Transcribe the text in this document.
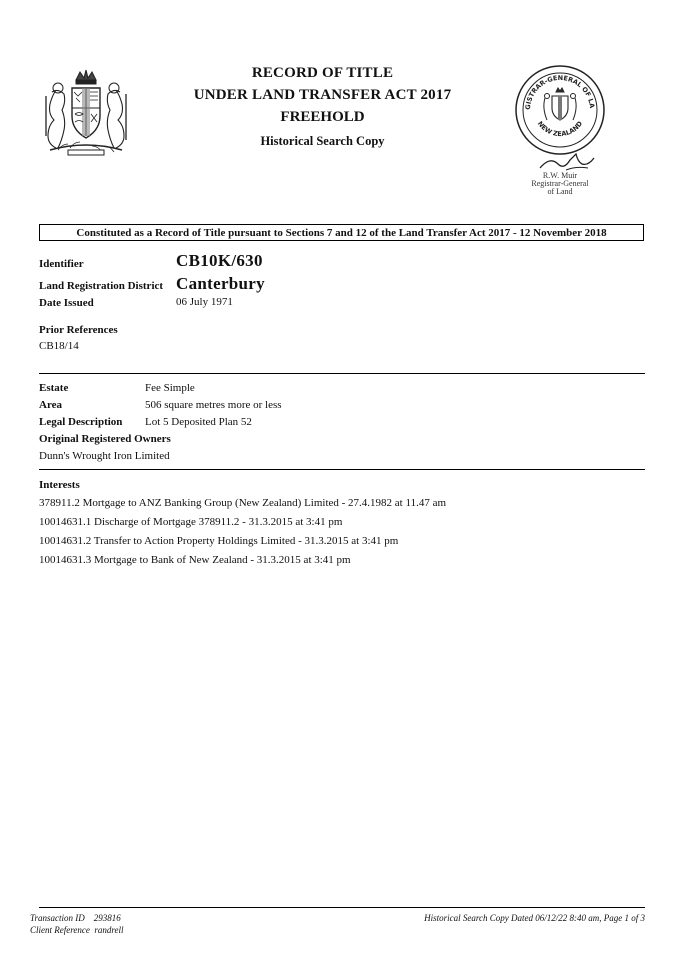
RECORD OF TITLE
UNDER LAND TRANSFER ACT 2017
FREEHOLD
Historical Search Copy
GISTRAR-GENERAL OF LA
NEW ZEALAND
R.W. Muir
Registrar-General
of Land
Constituted as a Record of Title pursuant to Sections 7 and 12 of the Land Transfer Act 2017 - 12 November 2018
Identifier	CB10K/630
Land Registration District Canterbury
Date Issued	06 July 1971
Prior References
CB18/14
Estate	Fee Simple
Area	506 square metres more or less
Legal Description Lot 5 Deposited Plan 52
Original Registered Owners
Dunn's Wrought Iron Limited
Interests
378911.2 Mortgage to ANZ Banking Group (New Zealand) Limited - 27.4.1982 at 11.47 am
10014631.1 Discharge of Mortgage 378911.2 - 31.3.2015 at 3:41 pm
10014631.2 Transfer to Action Property Holdings Limited - 31.3.2015 at 3:41 pm
10014631.3 Mortgage to Bank of New Zealand - 31.3.2015 at 3:41 pm
Transaction ID 293816
Client Reference randrell
Historical Search Copy Dated 06/12/22 8:40 am, Page 1 of 3
